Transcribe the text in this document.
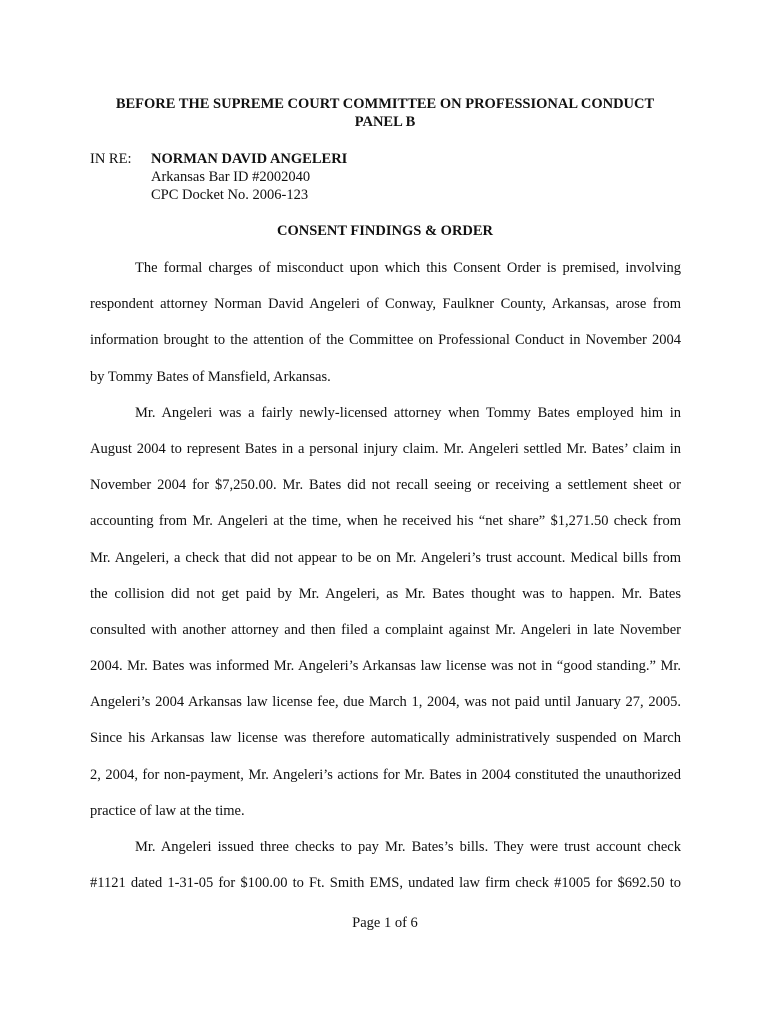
BEFORE THE SUPREME COURT COMMITTEE ON PROFESSIONAL CONDUCT
PANEL B
IN RE: NORMAN DAVID ANGELERI
Arkansas Bar ID #2002040
CPC Docket No. 2006-123
CONSENT FINDINGS & ORDER
The formal charges of misconduct upon which this Consent Order is premised, involving
respondent attorney Norman David Angeleri of Conway, Faulkner County, Arkansas, arose from
information brought to the attention of the Committee on Professional Conduct in November 2004
by Tommy Bates of Mansfield, Arkansas.
Mr. Angeleri was a fairly newly-licensed attorney when Tommy Bates employed him in
August 2004 to represent Bates in a personal injury claim. Mr. Angeleri settled Mr. Bates’ claim in
November 2004 for $7,250.00. Mr. Bates did not recall seeing or receiving a settlement sheet or
accounting from Mr. Angeleri at the time, when he received his “net share” $1,271.50 check from
Mr. Angeleri, a check that did not appear to be on Mr. Angeleri’s trust account. Medical bills from
the collision did not get paid by Mr. Angeleri, as Mr. Bates thought was to happen. Mr. Bates
consulted with another attorney and then filed a complaint against Mr. Angeleri in late November
2004. Mr. Bates was informed Mr. Angeleri’s Arkansas law license was not in “good standing.” Mr.
Angeleri’s 2004 Arkansas law license fee, due March 1, 2004, was not paid until January 27, 2005.
Since his Arkansas law license was therefore automatically administratively suspended on March
2, 2004, for non-payment, Mr. Angeleri’s actions for Mr. Bates in 2004 constituted the unauthorized
practice of law at the time.
Mr. Angeleri issued three checks to pay Mr. Bates’s bills. They were trust account check
#1121 dated 1-31-05 for $100.00 to Ft. Smith EMS, undated law firm check #1005 for $692.50 to
Page 1 of 6
